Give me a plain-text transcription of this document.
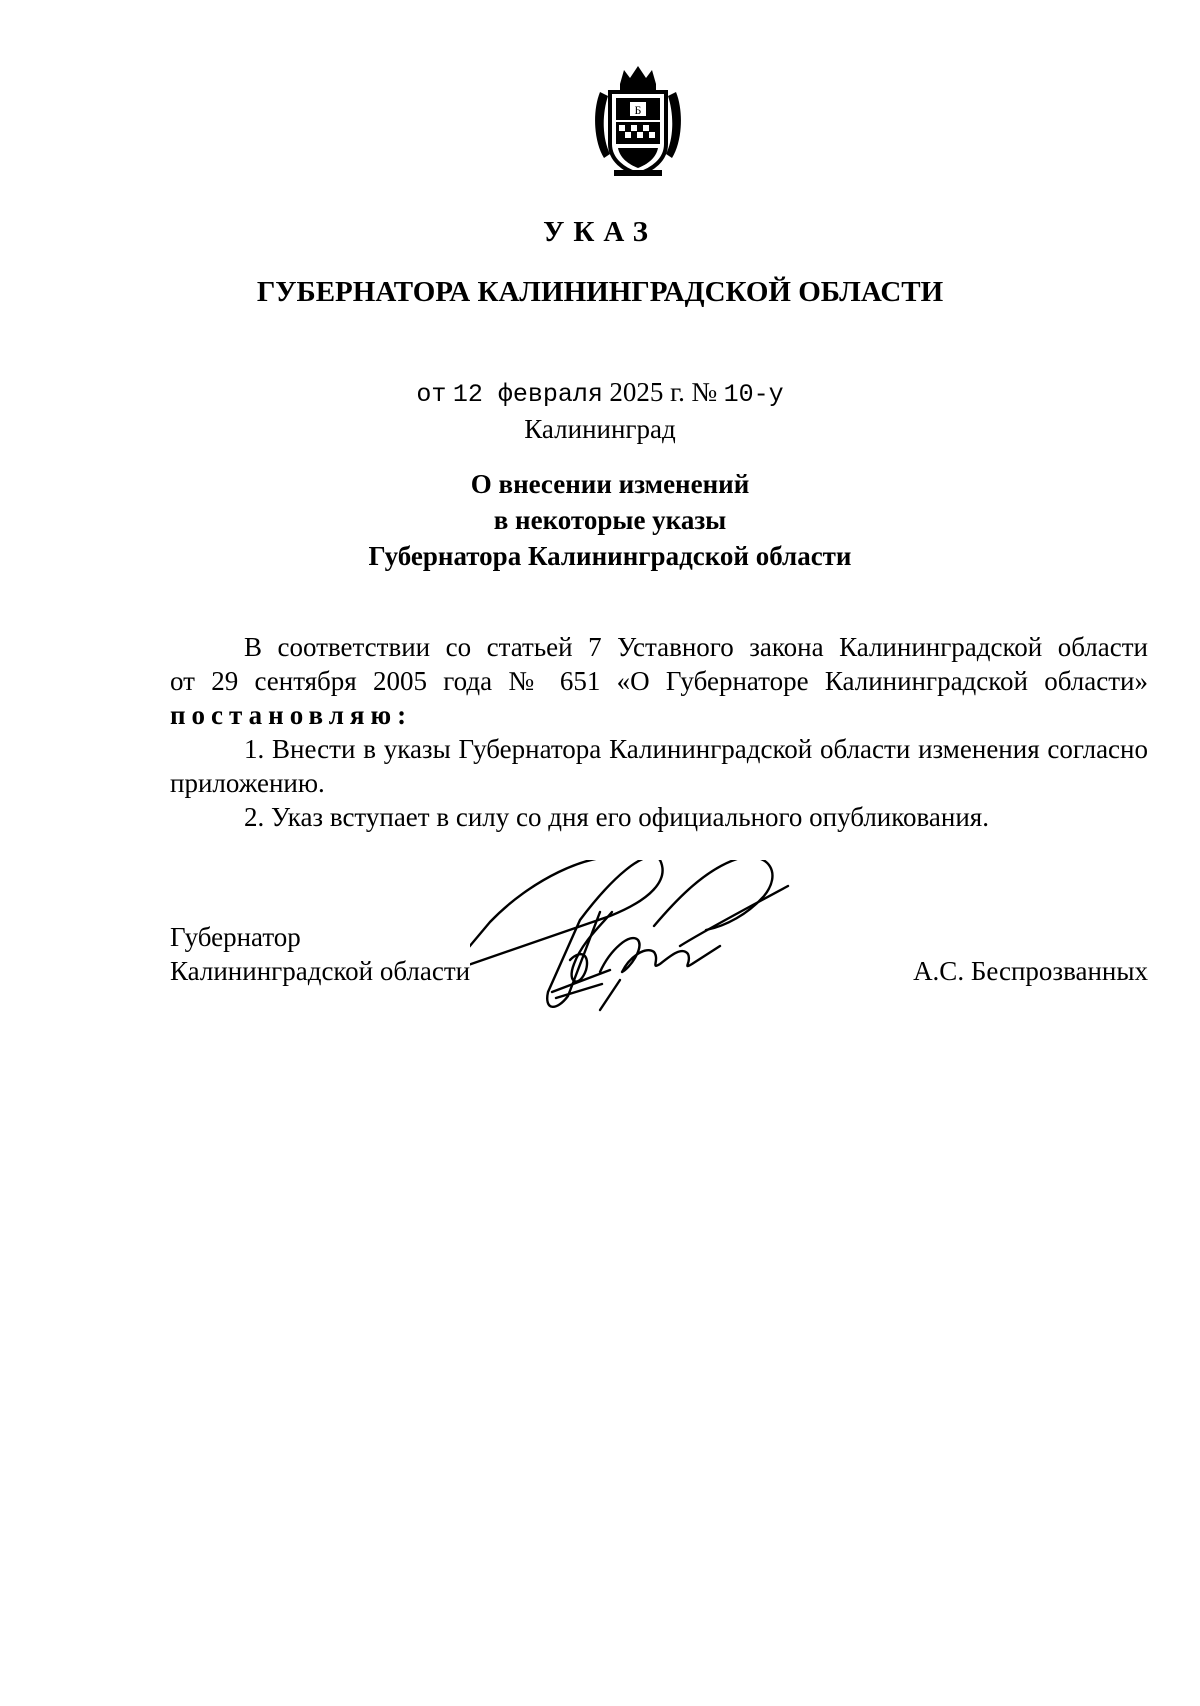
Б
УКАЗ
ГУБЕРНАТОРА КАЛИНИНГРАДСКОЙ ОБЛАСТИ
от 12 февраля 2025 г. № 10-у
Калининград
О внесении изменений
в некоторые указы
Губернатора Калининградской области

В соответствии со статьей 7 Уставного закона Калининградской области

от 29 сентября 2005 года № 651 «О Губернаторе Калининградской области»

постановляю:

1. Внести в указы Губернатора Калининградской области изменения согласно приложению.

2. Указ вступает в силу со дня его официального опубликования.

Губернатор
Калининградской области	А.С. Беспрозванных
